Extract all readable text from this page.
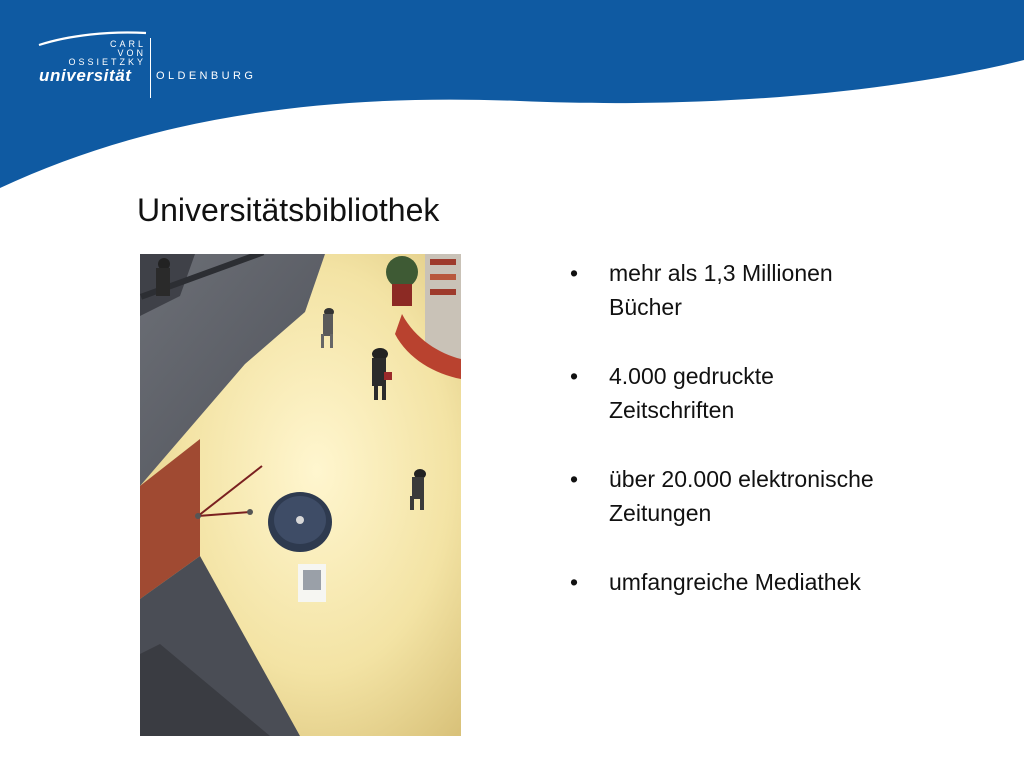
CARL
VON
OSSIETZKY
universität OLDENBURG
Universitätsbibliothek
• mehr als 1,3 Millionen
Bücher
• 4.000 gedruckte
Zeitschriften
• über 20.000 elektronische
Zeitungen
• umfangreiche Mediathek
